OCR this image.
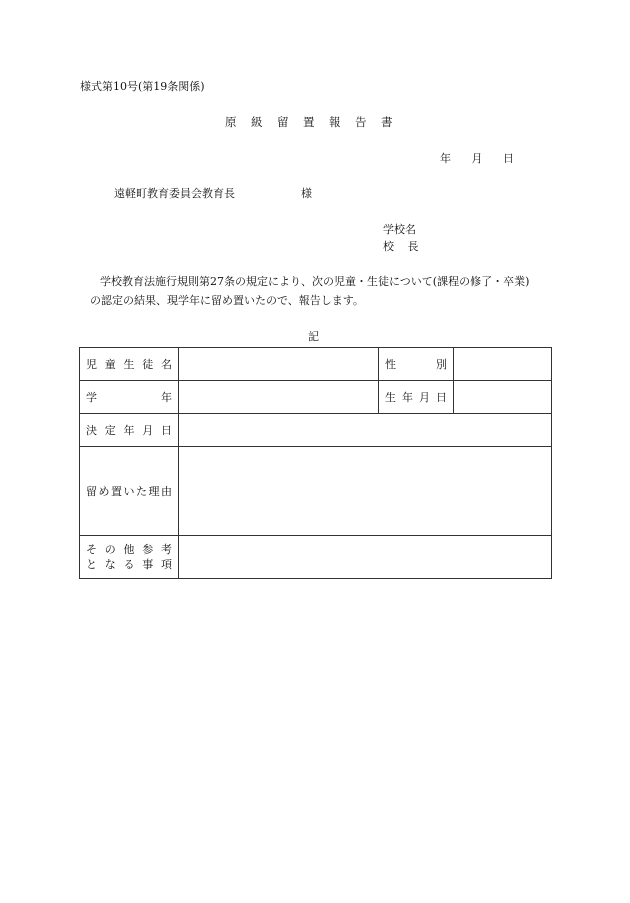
様式第10号(第19条関係)
原級留置報告書
年 月 日
遠軽町教育委員会教育長	様
学校名
校 長
学校教育法施行規則第27条の規定により、次の児童・生徒について(課程の修了・卒業)
の認定の結果、現学年に留め置いたので、報告します。
記
児童生徒名		性別	
学年		生年月日	
決定年月日			
留め置いた理由			

その他参考
となる事項			
